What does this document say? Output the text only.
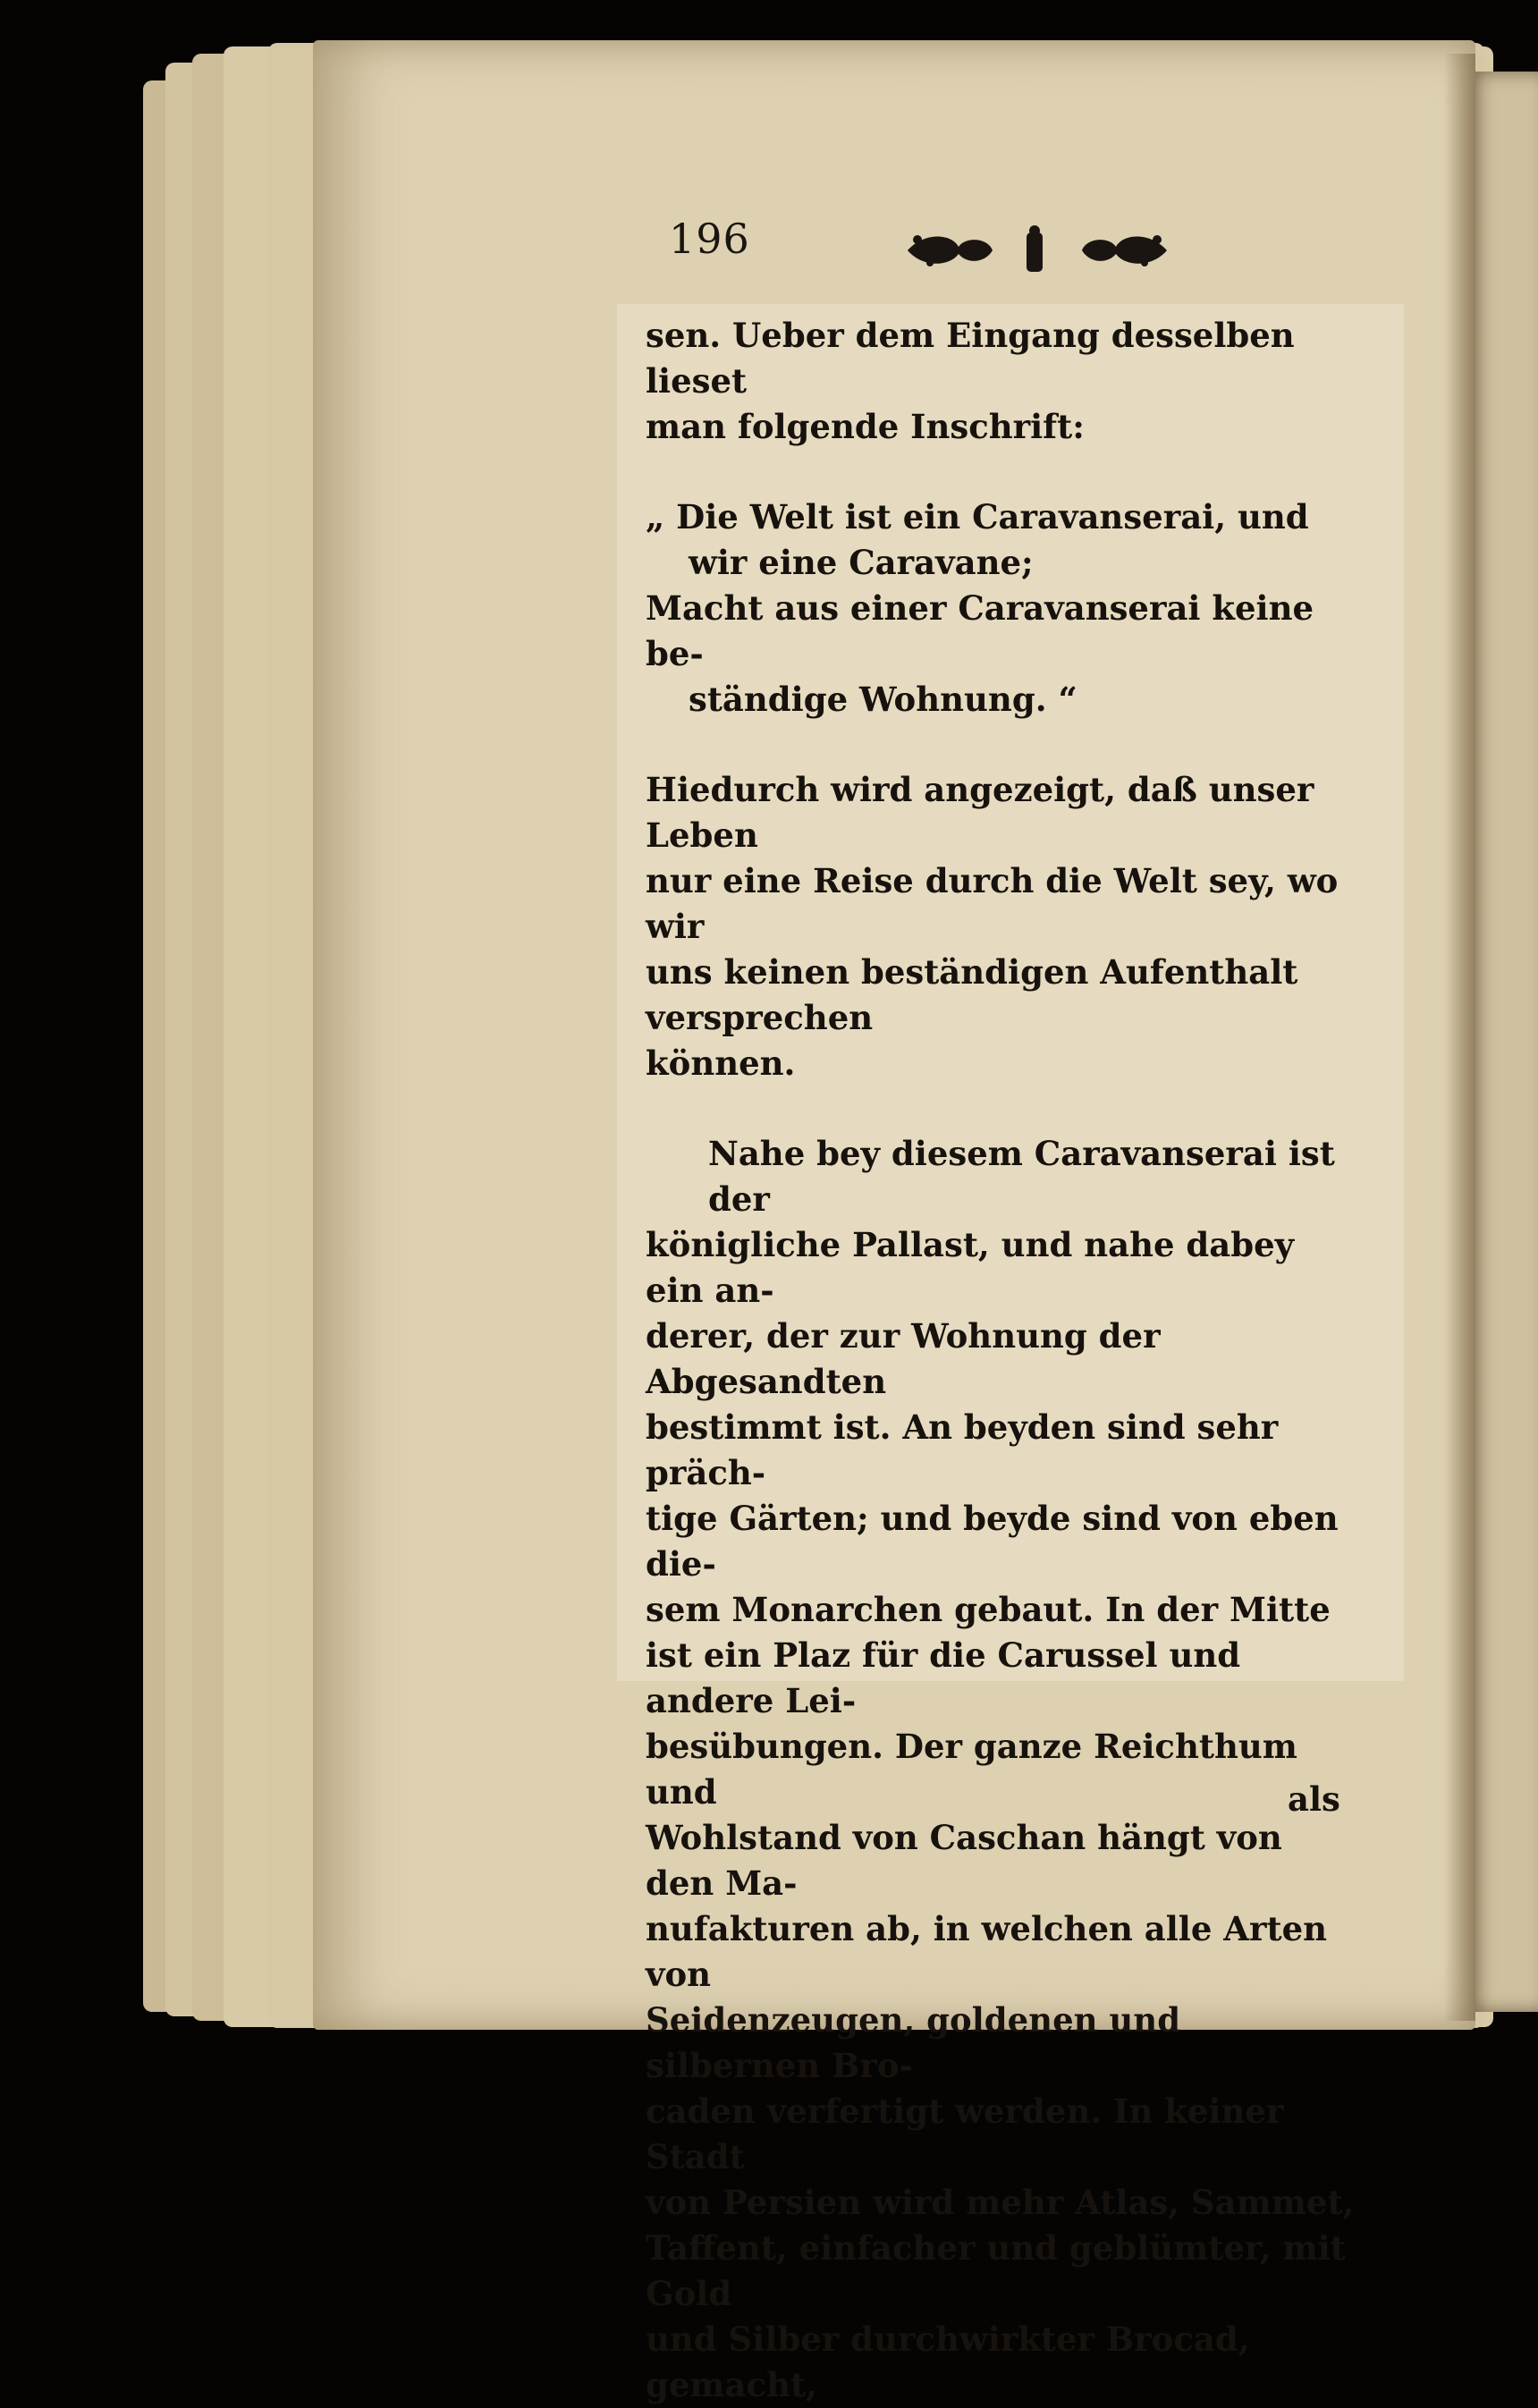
196

sen. Ueber dem Eingang desselben lieset
man folgende Inschrift:

„ Die Welt ist ein Caravanserai, und
wir eine Caravane;
Macht aus einer Caravanserai keine be-
ständige Wohnung. “

Hiedurch wird angezeigt, daß unser Leben
nur eine Reise durch die Welt sey, wo wir
uns keinen beständigen Aufenthalt versprechen
können.

Nahe bey diesem Caravanserai ist der
königliche Pallast, und nahe dabey ein an-
derer, der zur Wohnung der Abgesandten
bestimmt ist. An beyden sind sehr präch-
tige Gärten; und beyde sind von eben die-
sem Monarchen gebaut. In der Mitte
ist ein Plaz für die Carussel und andere Lei-
besübungen. Der ganze Reichthum und
Wohlstand von Caschan hängt von den Ma-
nufakturen ab, in welchen alle Arten von
Seidenzeugen, goldenen und silbernen Bro-
caden verfertigt werden. In keiner Stadt
von Persien wird mehr Atlas, Sammet,
Taffent, einfacher und geblümter, mit Gold
und Silber durchwirkter Brocad, gemacht,

als
